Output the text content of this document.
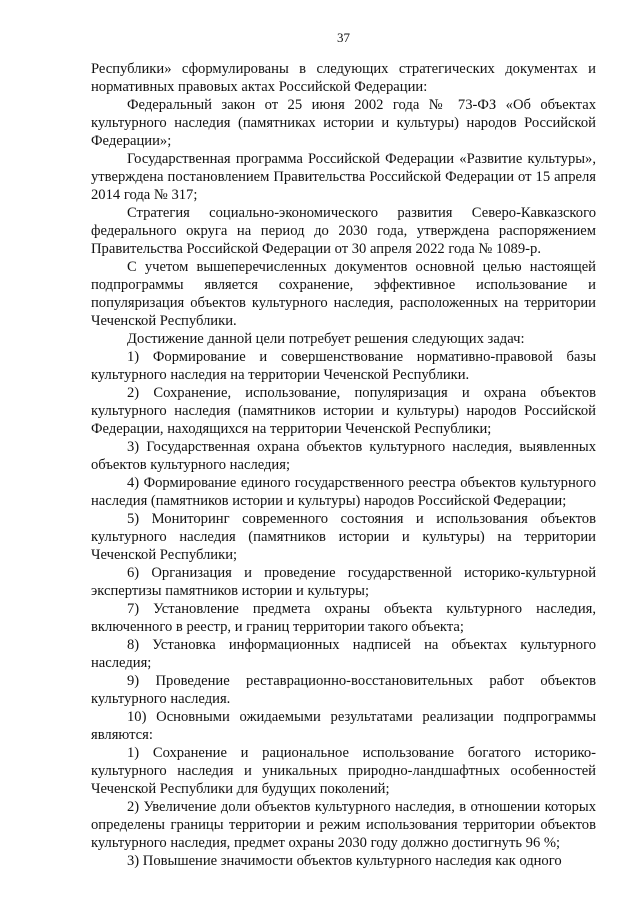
37

Республики» сформулированы в следующих стратегических документах и нормативных правовых актах Российской Федерации:

Федеральный закон от 25 июня 2002 года № 73-ФЗ «Об объектах культурного наследия (памятниках истории и культуры) народов Российской Федерации»;

Государственная программа Российской Федерации «Развитие культуры», утверждена постановлением Правительства Российской Федерации от 15 апреля 2014 года № 317;

Стратегия социально-экономического развития Северо-Кавказского федерального округа на период до 2030 года, утверждена распоряжением Правительства Российской Федерации от 30 апреля 2022 года № 1089-р.

С учетом вышеперечисленных документов основной целью настоящей подпрограммы является сохранение, эффективное использование и популяризация объектов культурного наследия, расположенных на территории Чеченской Республики.

Достижение данной цели потребует решения следующих задач:

1) Формирование и совершенствование нормативно-правовой базы культурного наследия на территории Чеченской Республики.

2) Сохранение, использование, популяризация и охрана объектов культурного наследия (памятников истории и культуры) народов Российской Федерации, находящихся на территории Чеченской Республики;

3) Государственная охрана объектов культурного наследия, выявленных объектов культурного наследия;

4) Формирование единого государственного реестра объектов культурного наследия (памятников истории и культуры) народов Российской Федерации;

5) Мониторинг современного состояния и использования объектов культурного наследия (памятников истории и культуры) на территории Чеченской Республики;

6) Организация и проведение государственной историко-культурной экспертизы памятников истории и культуры;

7) Установление предмета охраны объекта культурного наследия, включенного в реестр, и границ территории такого объекта;

8) Установка информационных надписей на объектах культурного наследия;

9) Проведение реставрационно-восстановительных работ объектов культурного наследия.

10) Основными ожидаемыми результатами реализации подпрограммы являются:

1) Сохранение и рациональное использование богатого историко-культурного наследия и уникальных природно-ландшафтных особенностей Чеченской Республики для будущих поколений;

2) Увеличение доли объектов культурного наследия, в отношении которых определены границы территории и режим использования территории объектов культурного наследия, предмет охраны 2030 году должно достигнуть 96 %;

3) Повышение значимости объектов культурного наследия как одного
